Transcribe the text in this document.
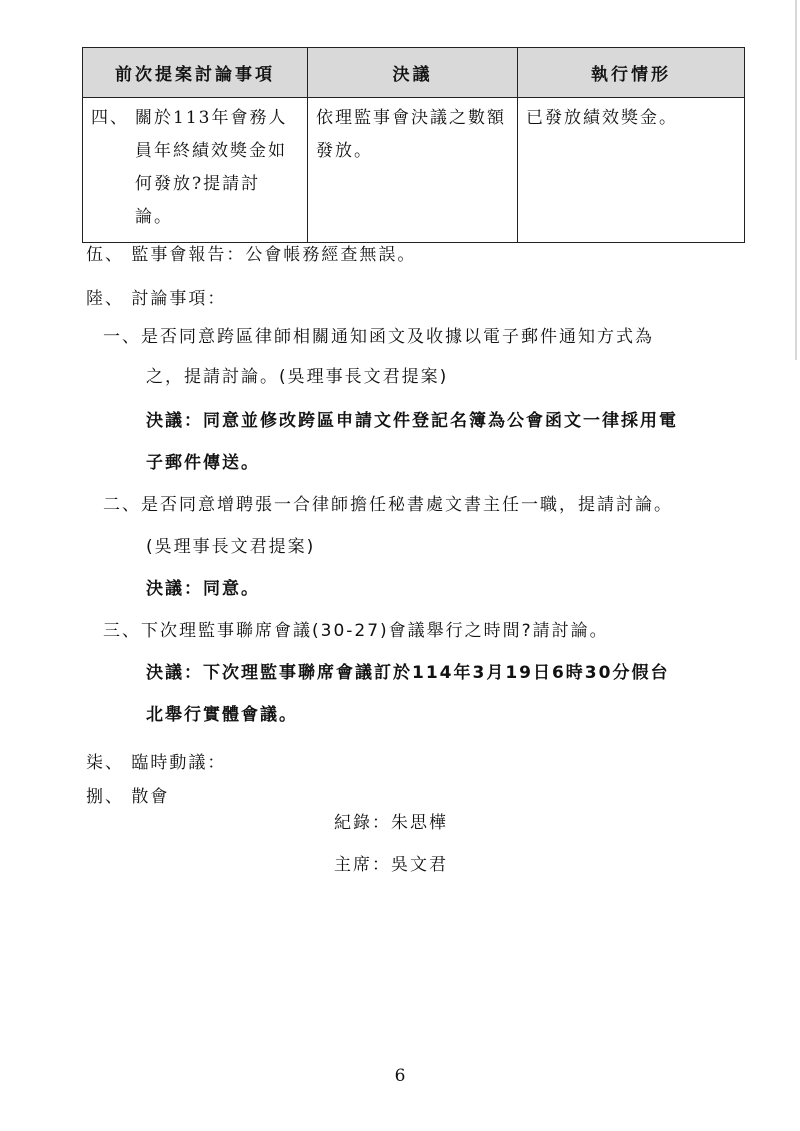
前次提案討論事項	決議	執行情形

四、 關於113年會務人員年終績效獎金如何發放?提請討論。	依理監事會決議之數額發放。	已發放績效獎金。
伍、 監事會報告：公會帳務經查無誤。
陸、 討論事項：
一、是否同意跨區律師相關通知函文及收據以電子郵件通知方式為
之，提請討論。(吳理事長文君提案)
決議：同意並修改跨區申請文件登記名簿為公會函文一律採用電
子郵件傳送。
二、是否同意增聘張一合律師擔任秘書處文書主任一職，提請討論。
(吳理事長文君提案)
決議：同意。
三、下次理監事聯席會議(30-27)會議舉行之時間?請討論。
決議：下次理監事聯席會議訂於114年3月19日6時30分假台
北舉行實體會議。
柒、 臨時動議：
捌、 散會
紀錄：朱思樺
主席：吳文君
6
